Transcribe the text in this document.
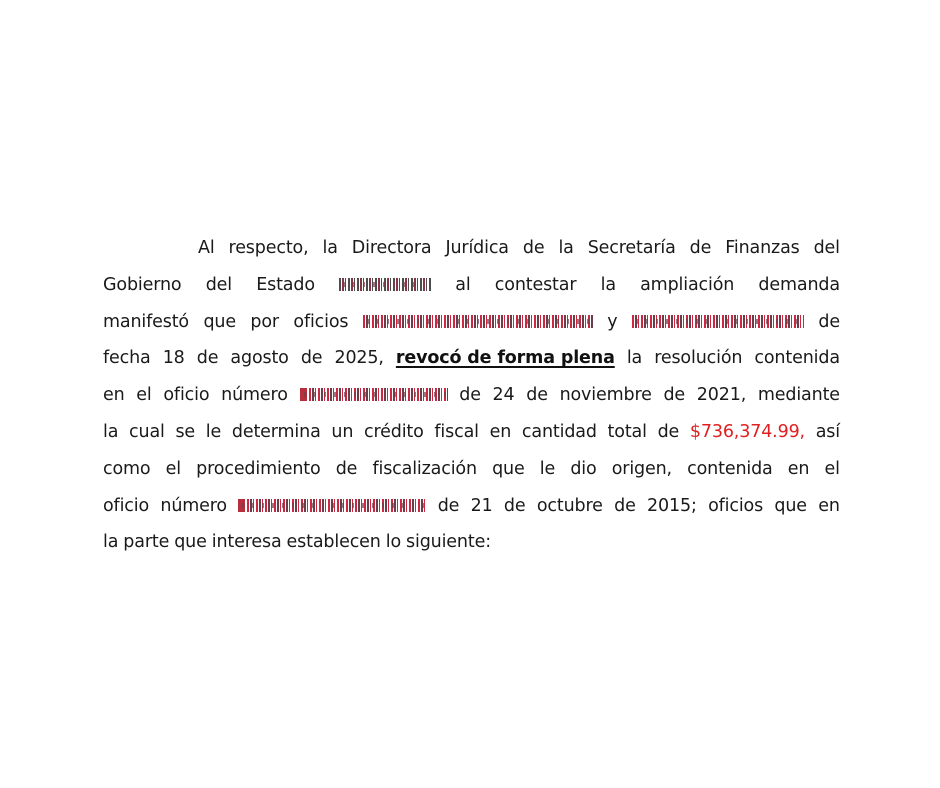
Al respecto, la Directora Jurídica de la Secretaría de Finanzas del
Gobierno del Estado	al contestar la ampliación demanda
manifestó que por oficios	y	de
fecha 18 de agosto de 2025, revocó de forma plena la resolución contenida
en el oficio número	de 24 de noviembre de 2021, mediante
la cual se le determina un crédito fiscal en cantidad total de $736,374.99, así
como el procedimiento de fiscalización que le dio origen, contenida en el
oficio número	de 21 de octubre de 2015; oficios que en
la parte que interesa establecen lo siguiente:
